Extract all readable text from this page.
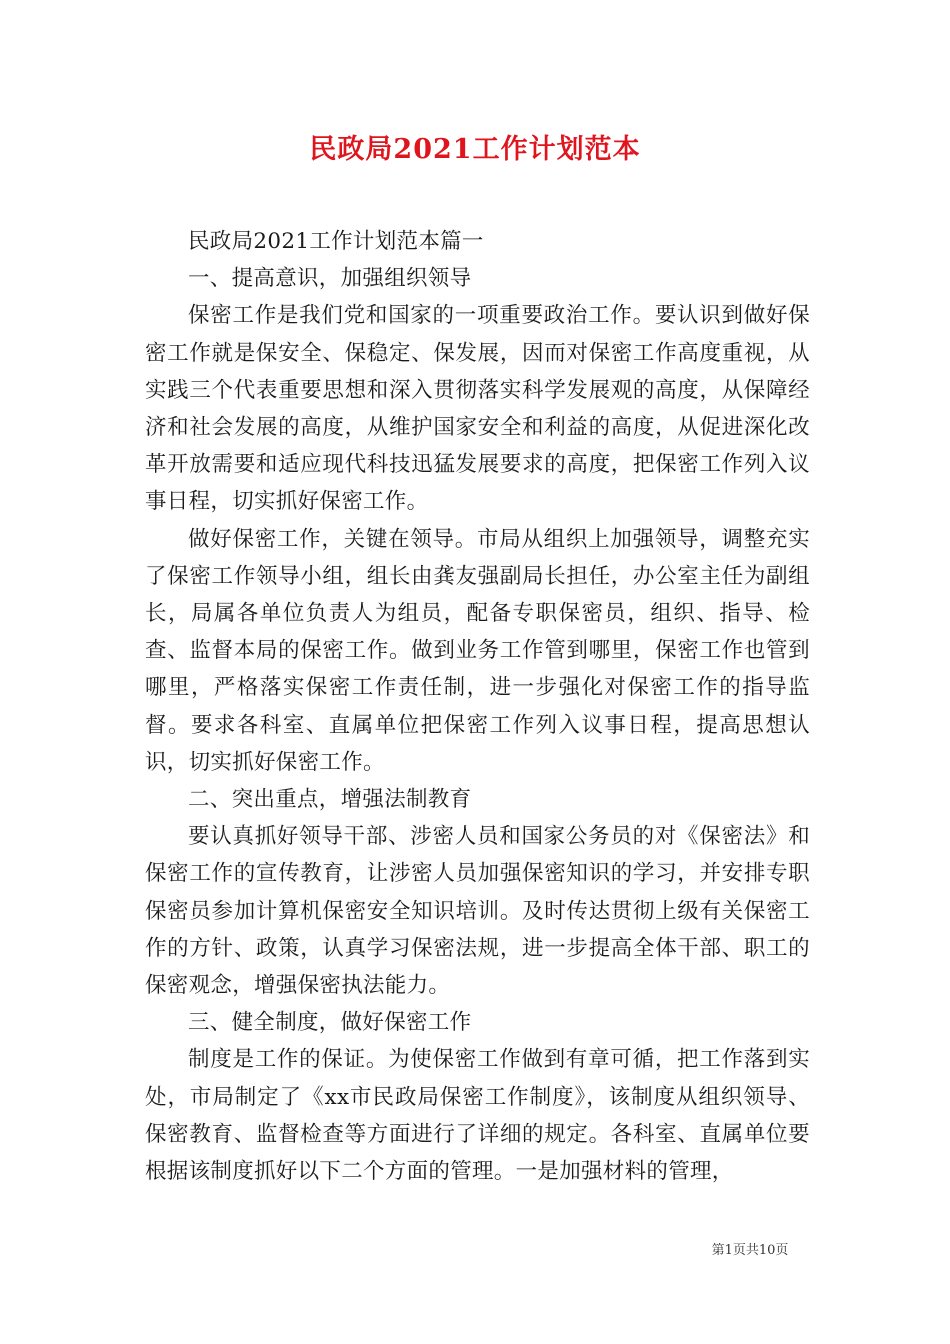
民政局2021工作计划范本

民政局2021工作计划范本篇一

一、提高意识，加强组织领导

保密工作是我们党和国家的一项重要政治工作。要认识到做好保密工作就是保安全、保稳定、保发展，因而对保密工作高度重视，从实践三个代表重要思想和深入贯彻落实科学发展观的高度，从保障经济和社会发展的高度，从维护国家安全和利益的高度，从促进深化改革开放需要和适应现代科技迅猛发展要求的高度，把保密工作列入议事日程，切实抓好保密工作。

做好保密工作，关键在领导。市局从组织上加强领导，调整充实了保密工作领导小组，组长由龚友强副局长担任，办公室主任为副组长，局属各单位负责人为组员，配备专职保密员，组织、指导、检查、监督本局的保密工作。做到业务工作管到哪里，保密工作也管到哪里，严格落实保密工作责任制，进一步强化对保密工作的指导监督。要求各科室、直属单位把保密工作列入议事日程，提高思想认识，切实抓好保密工作。

二、突出重点，增强法制教育

要认真抓好领导干部、涉密人员和国家公务员的对《保密法》和保密工作的宣传教育，让涉密人员加强保密知识的学习，并安排专职保密员参加计算机保密安全知识培训。及时传达贯彻上级有关保密工作的方针、政策，认真学习保密法规，进一步提高全体干部、职工的保密观念，增强保密执法能力。

三、健全制度，做好保密工作

制度是工作的保证。为使保密工作做到有章可循，把工作落到实处，市局制定了《xx市民政局保密工作制度》，该制度从组织领导、保密教育、监督检查等方面进行了详细的规定。各科室、直属单位要根据该制度抓好以下二个方面的管理。一是加强材料的管理，

第1页共10页
